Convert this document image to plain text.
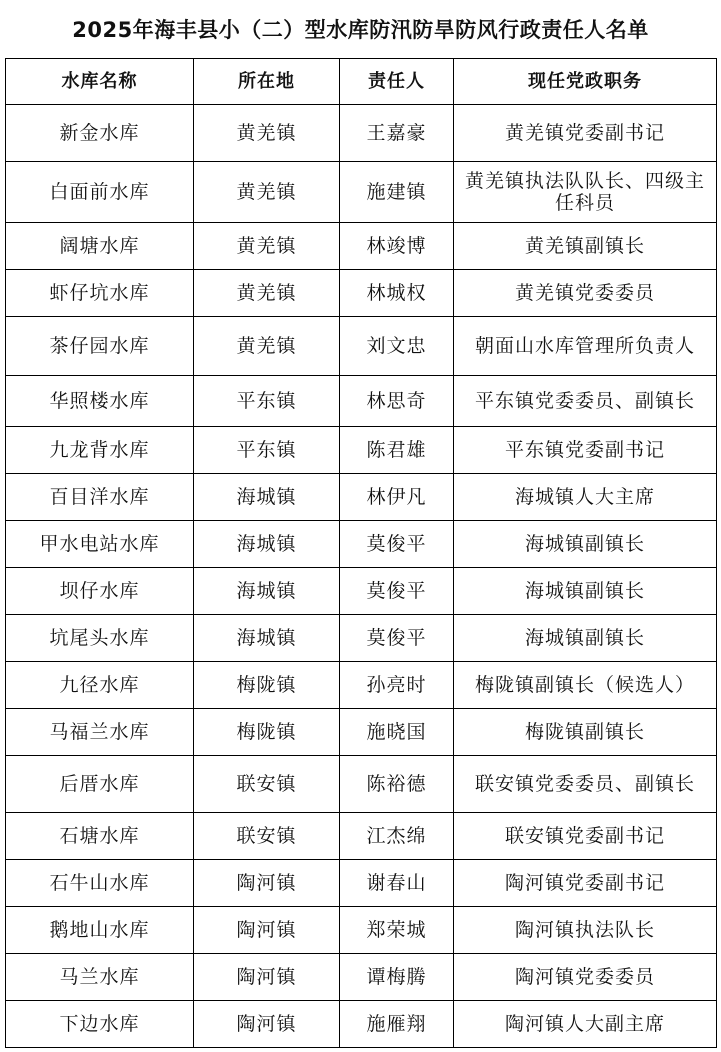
2025年海丰县小（二）型水库防汛防旱防风行政责任人名单
水库名称	所在地	责任人	现任党政职务
新金水库	黄羌镇	王嘉豪	黄羌镇党委副书记
白面前水库	黄羌镇	施建镇	黄羌镇执法队队长、四级主任科员
阔塘水库	黄羌镇	林竣博	黄羌镇副镇长
虾仔坑水库	黄羌镇	林城权	黄羌镇党委委员
茶仔园水库	黄羌镇	刘文忠	朝面山水库管理所负责人
华照楼水库	平东镇	林思奇	平东镇党委委员、副镇长
九龙背水库	平东镇	陈君雄	平东镇党委副书记
百目洋水库	海城镇	林伊凡	海城镇人大主席
甲水电站水库	海城镇	莫俊平	海城镇副镇长
坝仔水库	海城镇	莫俊平	海城镇副镇长
坑尾头水库	海城镇	莫俊平	海城镇副镇长
九径水库	梅陇镇	孙亮时	梅陇镇副镇长（候选人）
马福兰水库	梅陇镇	施晓国	梅陇镇副镇长
后厝水库	联安镇	陈裕德	联安镇党委委员、副镇长
石塘水库	联安镇	江杰绵	联安镇党委副书记
石牛山水库	陶河镇	谢春山	陶河镇党委副书记
鹅地山水库	陶河镇	郑荣城	陶河镇执法队长
马兰水库	陶河镇	谭梅腾	陶河镇党委委员
下边水库	陶河镇	施雁翔	陶河镇人大副主席
